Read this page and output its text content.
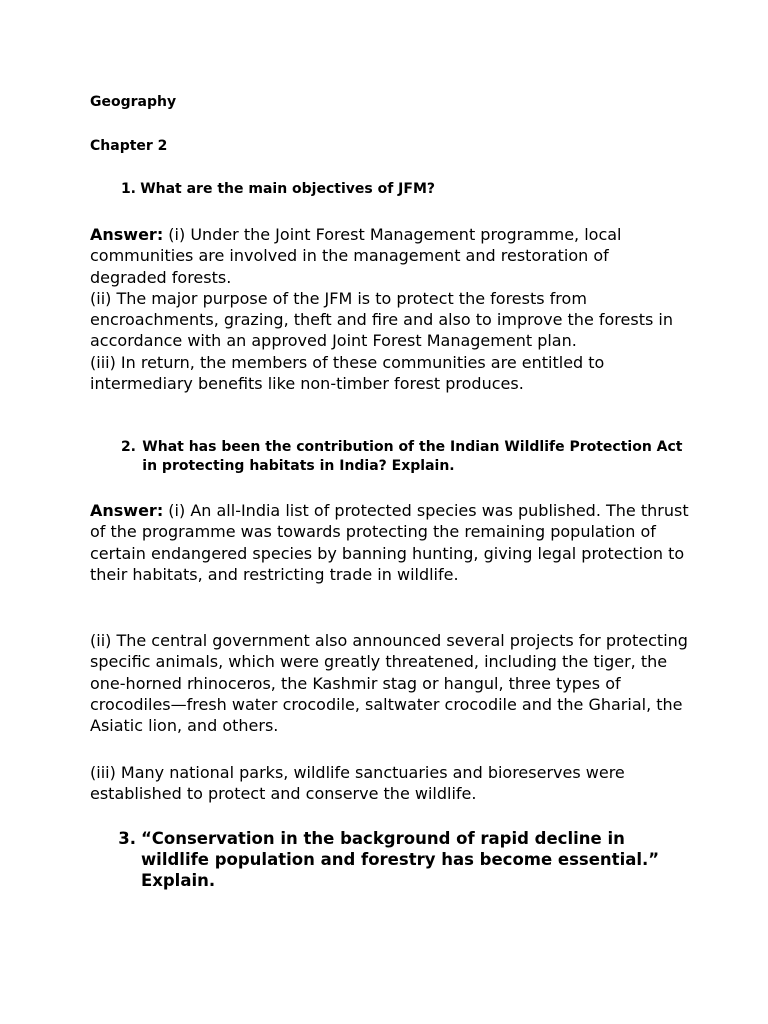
Geography
Chapter 2
1. What are the main objectives of JFM?
Answer: (i) Under the Joint Forest Management programme, local communities are involved in the management and restoration of degraded forests.
(ii) The major purpose of the JFM is to protect the forests from encroachments, grazing, theft and fire and also to improve the forests in accordance with an approved Joint Forest Management plan.
(iii) In return, the members of these communities are entitled to intermediary benefits like non-timber forest produces.
2. What has been the contribution of the Indian Wildlife Protection Act in protecting habitats in India? Explain.
Answer: (i) An all-India list of protected species was published. The thrust of the programme was towards protecting the remaining population of certain endangered species by banning hunting, giving legal protection to their habitats, and restricting trade in wildlife.
(ii) The central government also announced several projects for protecting specific animals, which were greatly threatened, including the tiger, the one-horned rhinoceros, the Kashmir stag or hangul, three types of crocodiles—fresh water crocodile, saltwater crocodile and the Gharial, the Asiatic lion, and others.
(iii) Many national parks, wildlife sanctuaries and bioreserves were established to protect and conserve the wildlife.
3. “Conservation in the background of rapid decline in wildlife population and forestry has become essential.” Explain.
